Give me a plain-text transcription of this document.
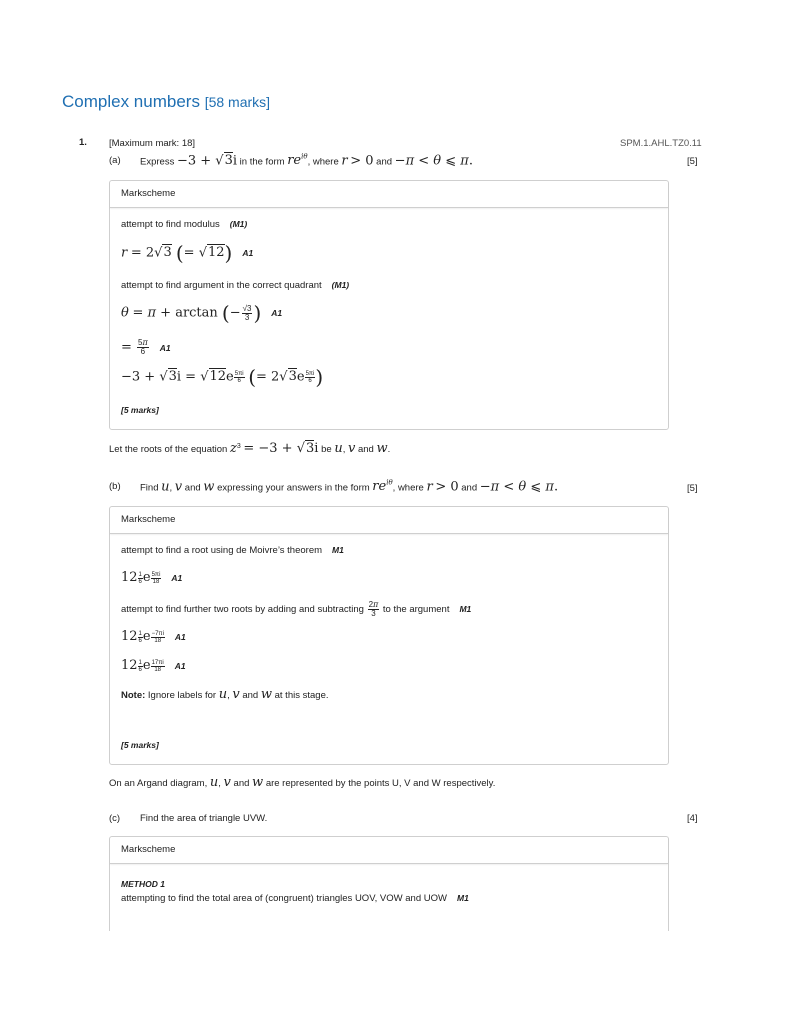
Complex numbers [58 marks]
1. [Maximum mark: 18]	SPM.1.AHL.TZ0.11
(a) Express −3 + √3i in the form $re^{i\theta}$, where r > 0 and −π < θ ⩽ π.	[5]
Markscheme
attempt to find modulus (M1)
r = 2√3 (= √12) A1
attempt to find argument in the correct quadrant (M1)
θ = π + arctan (− $\frac{√3}{3}$ ) A1
= $\frac{5\pi}{6} A1$
$-3 + √3i = √12e \frac{5\pi i}{6}$ (= $2√3e \frac{5\pi i}{6}$ )
[5 marks]
Let the roots of the equation $z^3 = -3 + √3i$ be u, v and w.
(b) Find u, v and w expressing your answers in the form $re^{i\theta}$, where r > 0 and −π < θ ⩽ π.	[5]
Markscheme
attempt to find a root using de Moivre’s theorem M1
$12 \frac{1}{6}$ e $\frac{5\pi i}{18} A1$
attempt to find further two roots by adding and subtracting $\frac{2\pi}{3}$ to the argument M1
$12 \frac{1}{6}$ e $\frac{-7\pi i}{18} A1$
$12 \frac{1}{6}$ e $\frac{17\pi i}{18} A1$
Note: Ignore labels for u, v and w at this stage.
[5 marks]
On an Argand diagram, u, v and w are represented by the points U, V and W respectively.
(c) Find the area of triangle UVW.	[4]
Markscheme
METHOD 1
attempting to find the total area of (congruent) triangles UOV, VOW and UOW M1
